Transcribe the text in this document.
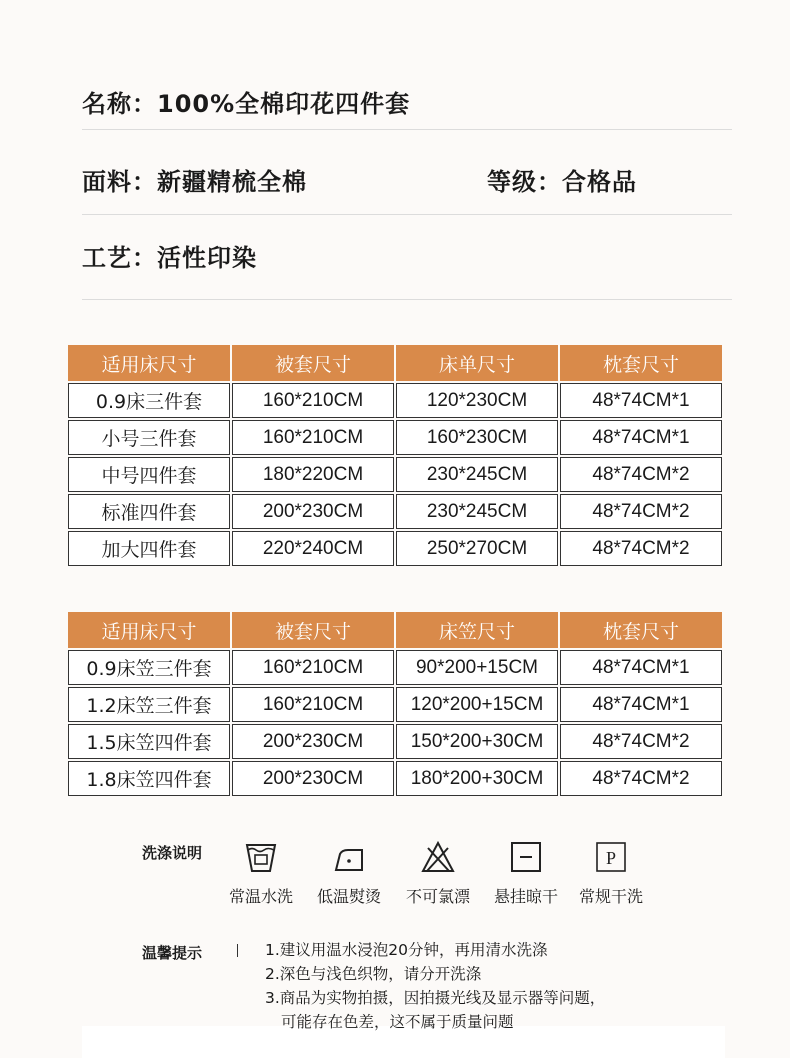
名称：100%全棉印花四件套
面料：新疆精梳全棉	等级：合格品
工艺：活性印染
适用床尺寸	被套尺寸	床单尺寸	枕套尺寸
0.9床三件套	160*210CM	120*230CM	48*74CM*1
小号三件套	160*210CM	160*230CM	48*74CM*1
中号四件套	180*220CM	230*245CM	48*74CM*2
标准四件套	200*230CM	230*245CM	48*74CM*2
加大四件套	220*240CM	250*270CM	48*74CM*2
适用床尺寸	被套尺寸	床笠尺寸	枕套尺寸
0.9床笠三件套	160*210CM	90*200+15CM	48*74CM*1
1.2床笠三件套	160*210CM	120*200+15CM	48*74CM*1
1.5床笠四件套	200*230CM	150*200+30CM	48*74CM*2
1.8床笠四件套	200*230CM	180*200+30CM	48*74CM*2
洗涤说明
常温水洗	低温熨烫	不可氯漂	悬挂晾干
P
常规干洗
温馨提示	1.建议用温水浸泡20分钟，再用清水洗涤
2.深色与浅色织物，请分开洗涤
3.商品为实物拍摄，因拍摄光线及显示器等问题，
可能存在色差，这不属于质量问题
